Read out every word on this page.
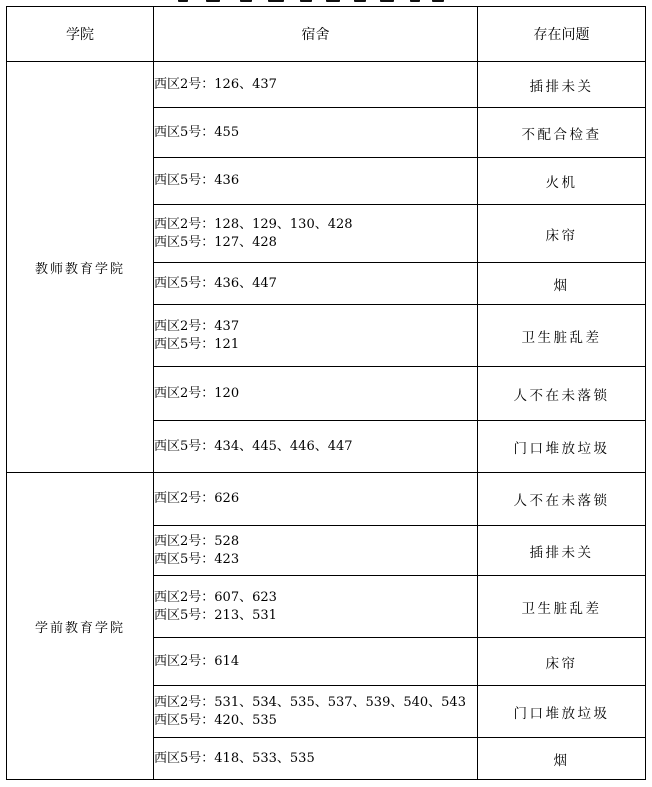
学院	宿舍	存在问题
教师教育学院	西区2号：126、437	插排未关

	西区5号：455	不配合检查

	西区5号：436	火机

	西区2号：128、129、130、428
西区5号：127、428	床帘

	西区5号：436、447	烟

	西区2号：437
西区5号：121	卫生脏乱差

	西区2号：120	人不在未落锁

	西区5号：434、445、446、447	门口堆放垃圾
学前教育学院	西区2号：626	人不在未落锁

	西区2号：528
西区5号：423	插排未关

	西区2号：607、623
西区5号：213、531	卫生脏乱差

	西区2号：614	床帘

	西区2号：531、534、535、537、539、540、543
西区5号：420、535	门口堆放垃圾

	西区5号：418、533、535	烟
